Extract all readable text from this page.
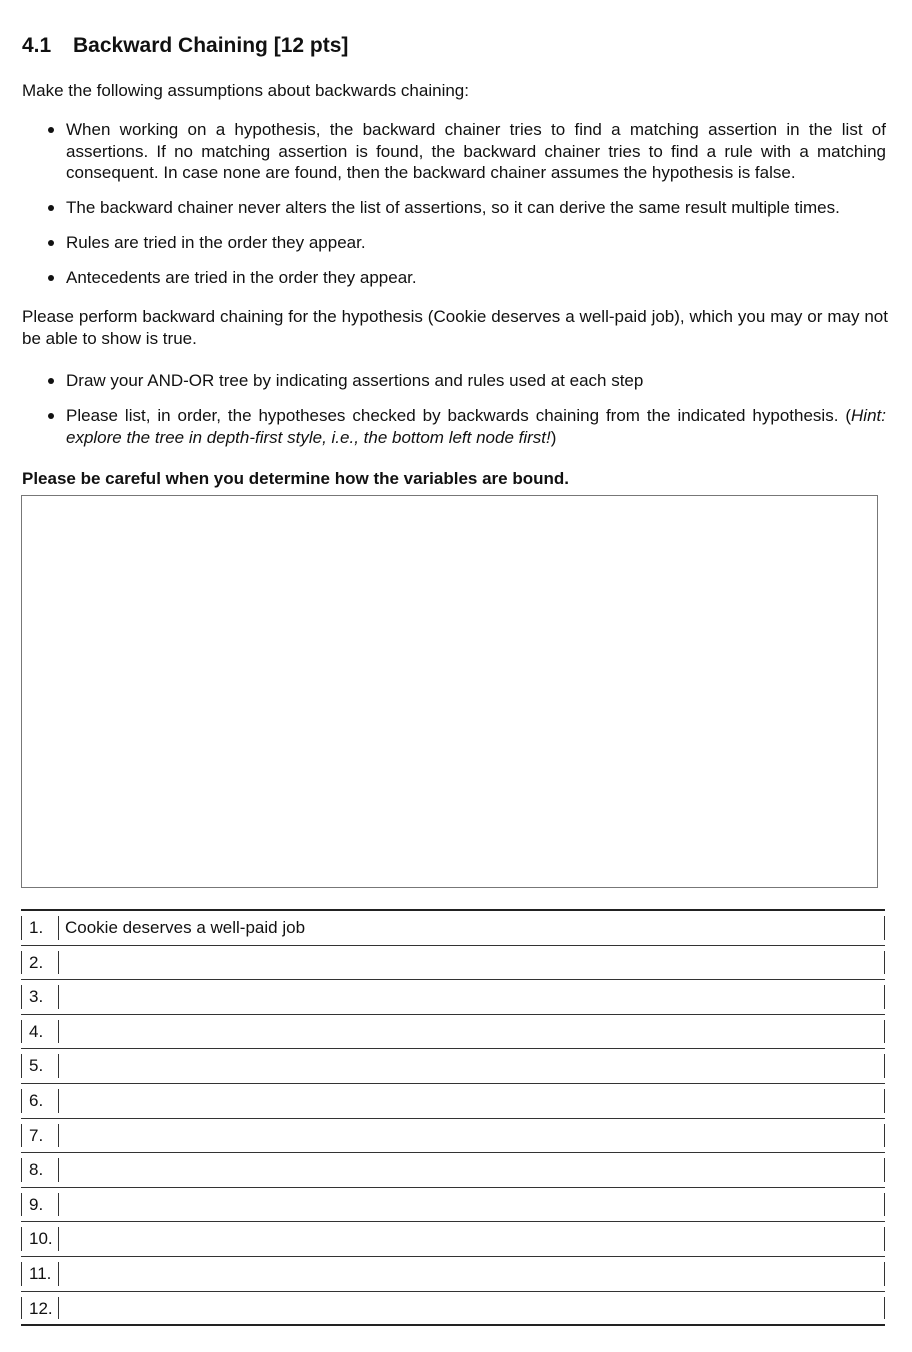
4.1 Backward Chaining [12 pts]

Make the following assumptions about backwards chaining:

When working on a hypothesis, the backward chainer tries to find a matching assertion in the list of assertions. If no matching assertion is found, the backward chainer tries to find a rule with a matching consequent. In case none are found, then the backward chainer assumes the hypothesis is false.
The backward chainer never alters the list of assertions, so it can derive the same result multiple times.
Rules are tried in the order they appear.
Antecedents are tried in the order they appear.

Please perform backward chaining for the hypothesis (Cookie deserves a well-paid job), which you may or may not be able to show is true.

Draw your AND-OR tree by indicating assertions and rules used at each step
Please list, in order, the hypotheses checked by backwards chaining from the indicated hypothesis. (Hint: explore the tree in depth-first style, i.e., the bottom left node first!)

Please be careful when you determine how the variables are bound.

1.	Cookie deserves a well-paid job
2.
3.
4.
5.
6.
7.
8.
9.
10.
11.
12.
